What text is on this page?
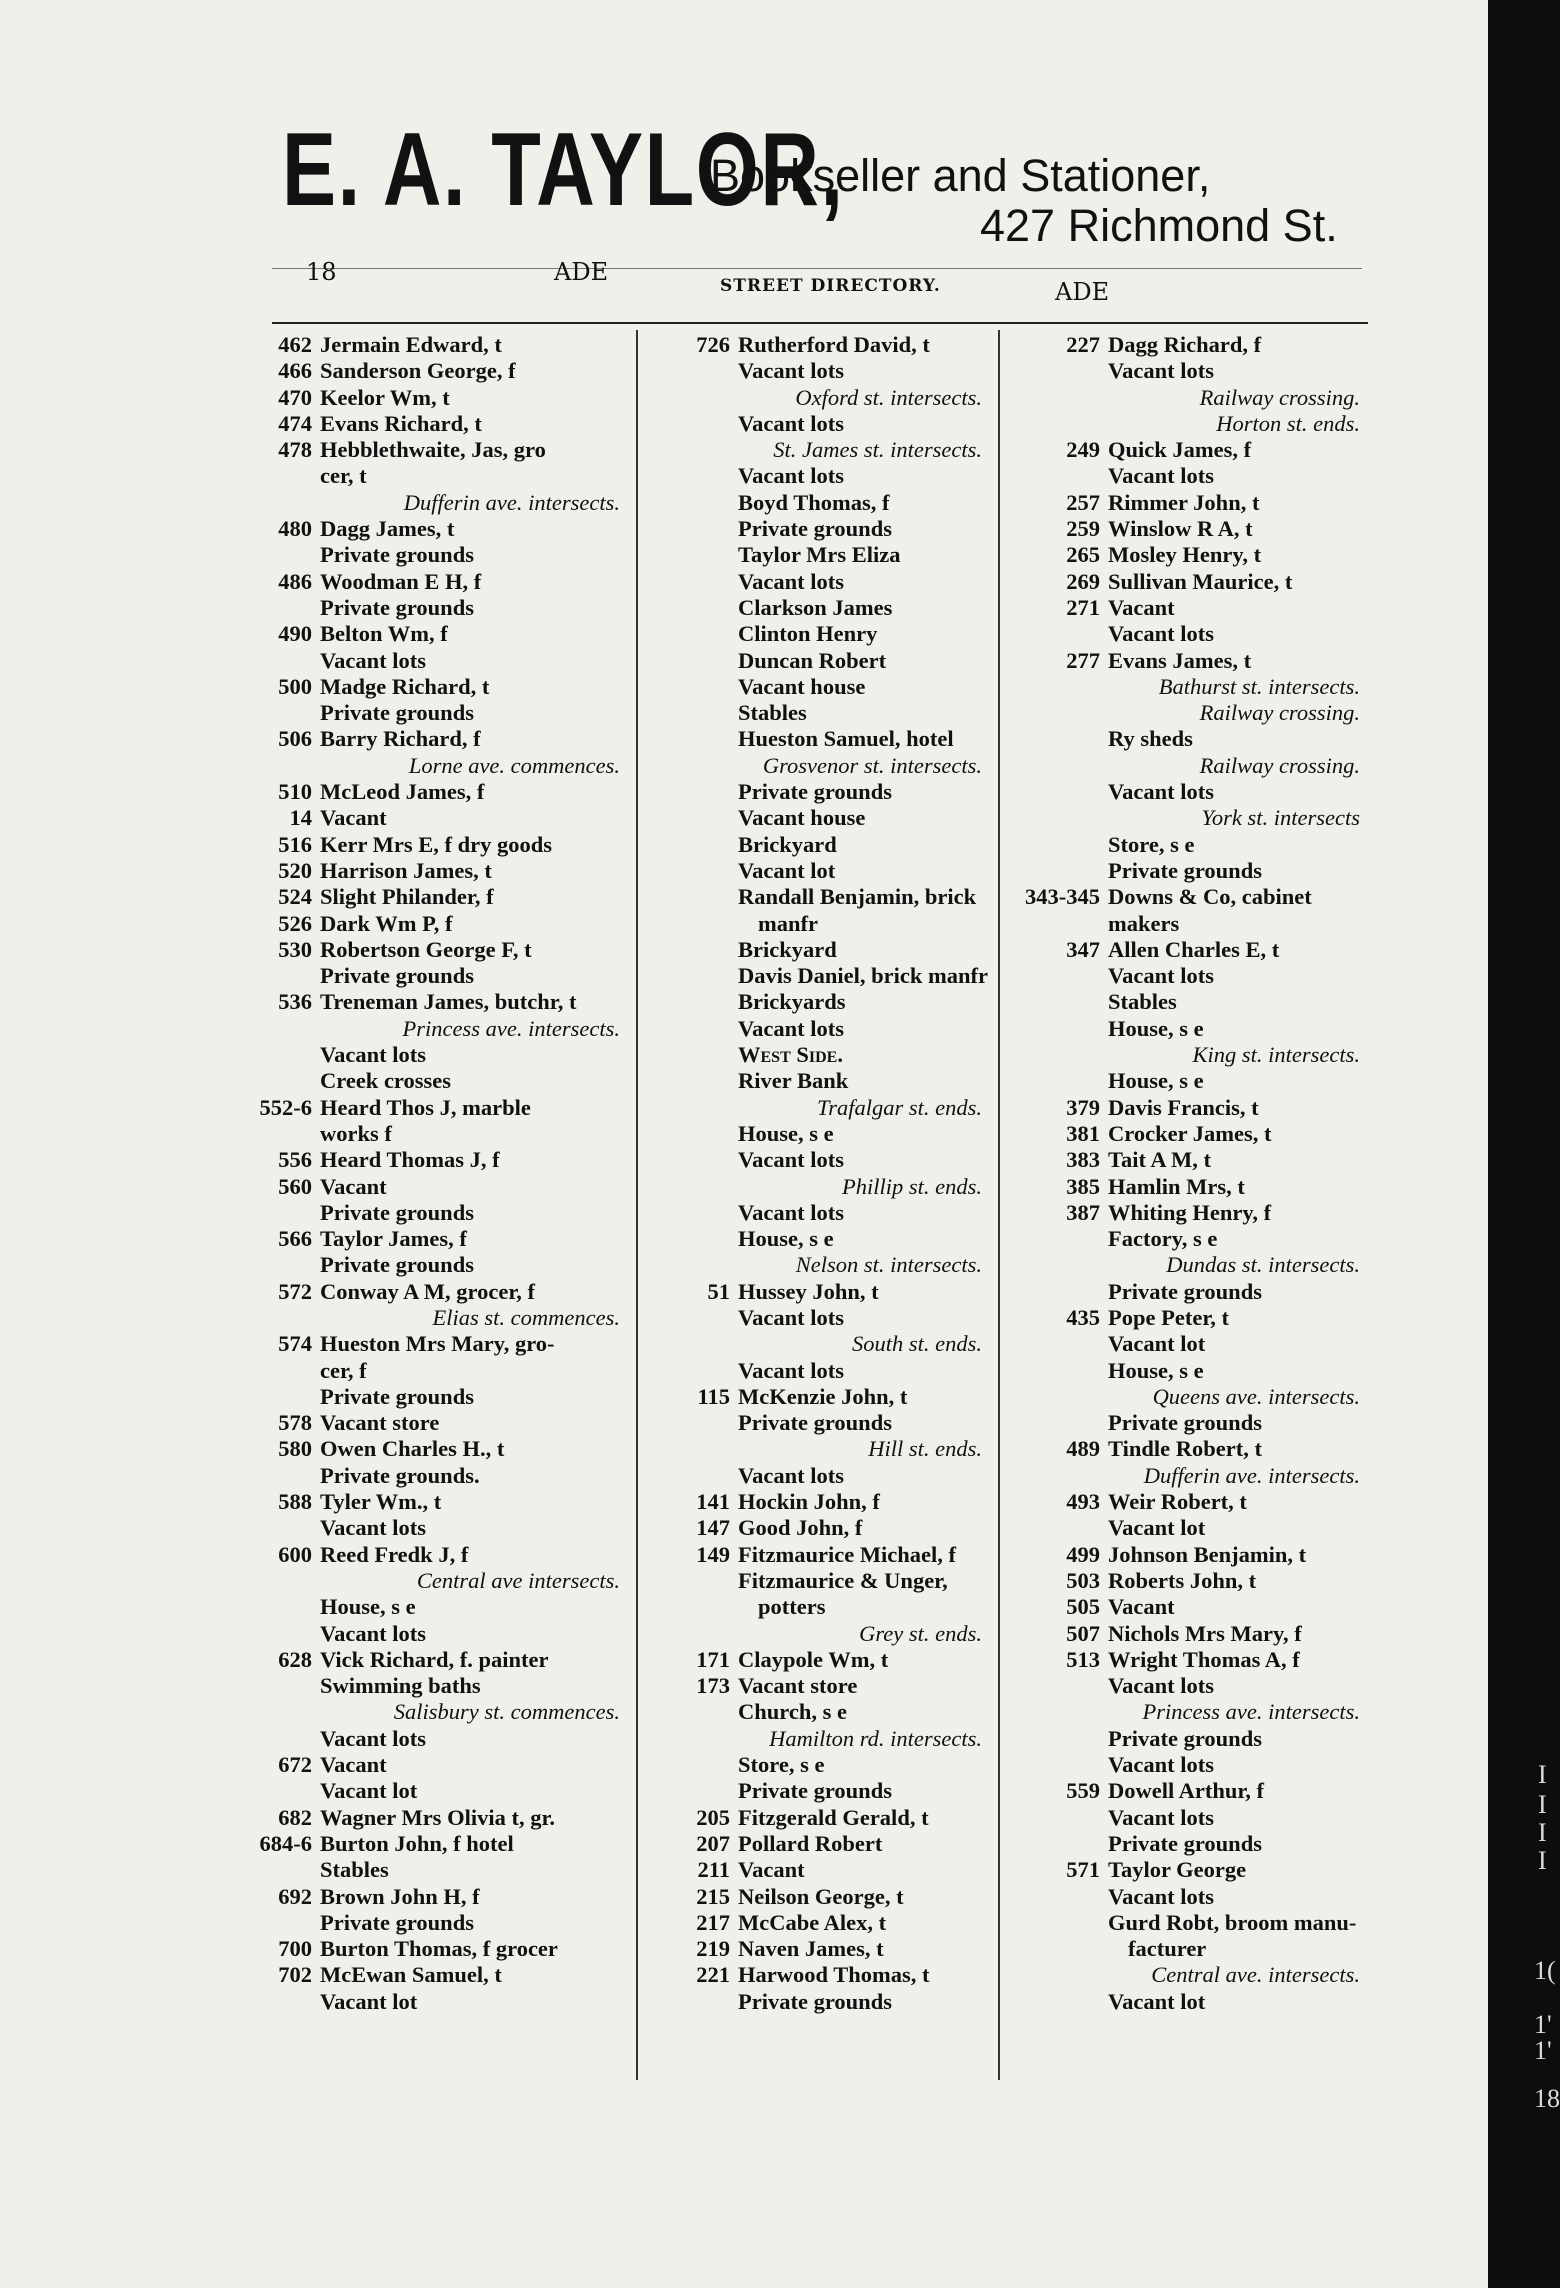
E. A. TAYLOR,
Bookseller and Stationer,
427 Richmond St.
18	ADE	STREET DIRECTORY.	ADE
462 Jermain Edward, t
466 Sanderson George, f
470 Keelor Wm, t
474 Evans Richard, t
478 Hebblethwaite, Jas, gro
cer, t
Dufferin ave. intersects.
480 Dagg James, t
Private grounds
486 Woodman E H, f
Private grounds
490 Belton Wm, f
Vacant lots
500 Madge Richard, t
Private grounds
506 Barry Richard, f
Lorne ave. commences.
510 McLeod James, f
14 Vacant
516 Kerr Mrs E, f dry goods
520 Harrison James, t
524 Slight Philander, f
526 Dark Wm P, f
530 Robertson George F, t
Private grounds
536 Treneman James, butchr, t
Princess ave. intersects.
Vacant lots
Creek crosses
552-6 Heard Thos J, marble
works f
556 Heard Thomas J, f
560 Vacant
Private grounds
566 Taylor James, f
Private grounds
572 Conway A M, grocer, f
Elias st. commences.
574 Hueston Mrs Mary, gro-
cer, f
Private grounds
578 Vacant store
580 Owen Charles H., t
Private grounds.
588 Tyler Wm., t
Vacant lots
600 Reed Fredk J, f
Central ave intersects.
House, s e
Vacant lots
628 Vick Richard, f. painter
Swimming baths
Salisbury st. commences.
Vacant lots
672 Vacant
Vacant lot
682 Wagner Mrs Olivia t, gr.
684-6 Burton John, f hotel
Stables
692 Brown John H, f
Private grounds
700 Burton Thomas, f grocer
702 McEwan Samuel, t
Vacant lot
726 Rutherford David, t
Vacant lots
Oxford st. intersects.
Vacant lots
St. James st. intersects.
Vacant lots
Boyd Thomas, f
Private grounds
Taylor Mrs Eliza
Vacant lots
Clarkson James
Clinton Henry
Duncan Robert
Vacant house
Stables
Hueston Samuel, hotel
Grosvenor st. intersects.
Private grounds
Vacant house
Brickyard
Vacant lot
Randall Benjamin, brick
manfr
Brickyard
Davis Daniel, brick manfr
Brickyards
Vacant lots
West Side.
River Bank
Trafalgar st. ends.
House, s e
Vacant lots
Phillip st. ends.
Vacant lots
House, s e
Nelson st. intersects.
51 Hussey John, t
Vacant lots
South st. ends.
Vacant lots
115 McKenzie John, t
Private grounds
Hill st. ends.
Vacant lots
141 Hockin John, f
147 Good John, f
149 Fitzmaurice Michael, f
Fitzmaurice & Unger,
potters
Grey st. ends.
171 Claypole Wm, t
173 Vacant store
Church, s e
Hamilton rd. intersects.
Store, s e
Private grounds
205 Fitzgerald Gerald, t
207 Pollard Robert
211 Vacant
215 Neilson George, t
217 McCabe Alex, t
219 Naven James, t
221 Harwood Thomas, t
Private grounds
227 Dagg Richard, f
Vacant lots
Railway crossing.
Horton st. ends.
249 Quick James, f
Vacant lots
257 Rimmer John, t
259 Winslow R A, t
265 Mosley Henry, t
269 Sullivan Maurice, t
271 Vacant
Vacant lots
277 Evans James, t
Bathurst st. intersects.
Railway crossing.
Ry sheds
Railway crossing.
Vacant lots
York st. intersects
Store, s e
Private grounds
343-345 Downs & Co, cabinet
makers
347 Allen Charles E, t
Vacant lots
Stables
House, s e
King st. intersects.
House, s e
379 Davis Francis, t
381 Crocker James, t
383 Tait A M, t
385 Hamlin Mrs, t
387 Whiting Henry, f
Factory, s e
Dundas st. intersects.
Private grounds
435 Pope Peter, t
Vacant lot
House, s e
Queens ave. intersects.
Private grounds
489 Tindle Robert, t
Dufferin ave. intersects.
493 Weir Robert, t
Vacant lot
499 Johnson Benjamin, t
503 Roberts John, t
505 Vacant
507 Nichols Mrs Mary, f
513 Wright Thomas A, f
Vacant lots
Princess ave. intersects.
Private grounds
Vacant lots
559 Dowell Arthur, f
Vacant lots
Private grounds
571 Taylor George
Vacant lots
Gurd Robt, broom manu-
facturer
Central ave. intersects.
Vacant lot
I
I
I
I
1(
1'
1'
18
